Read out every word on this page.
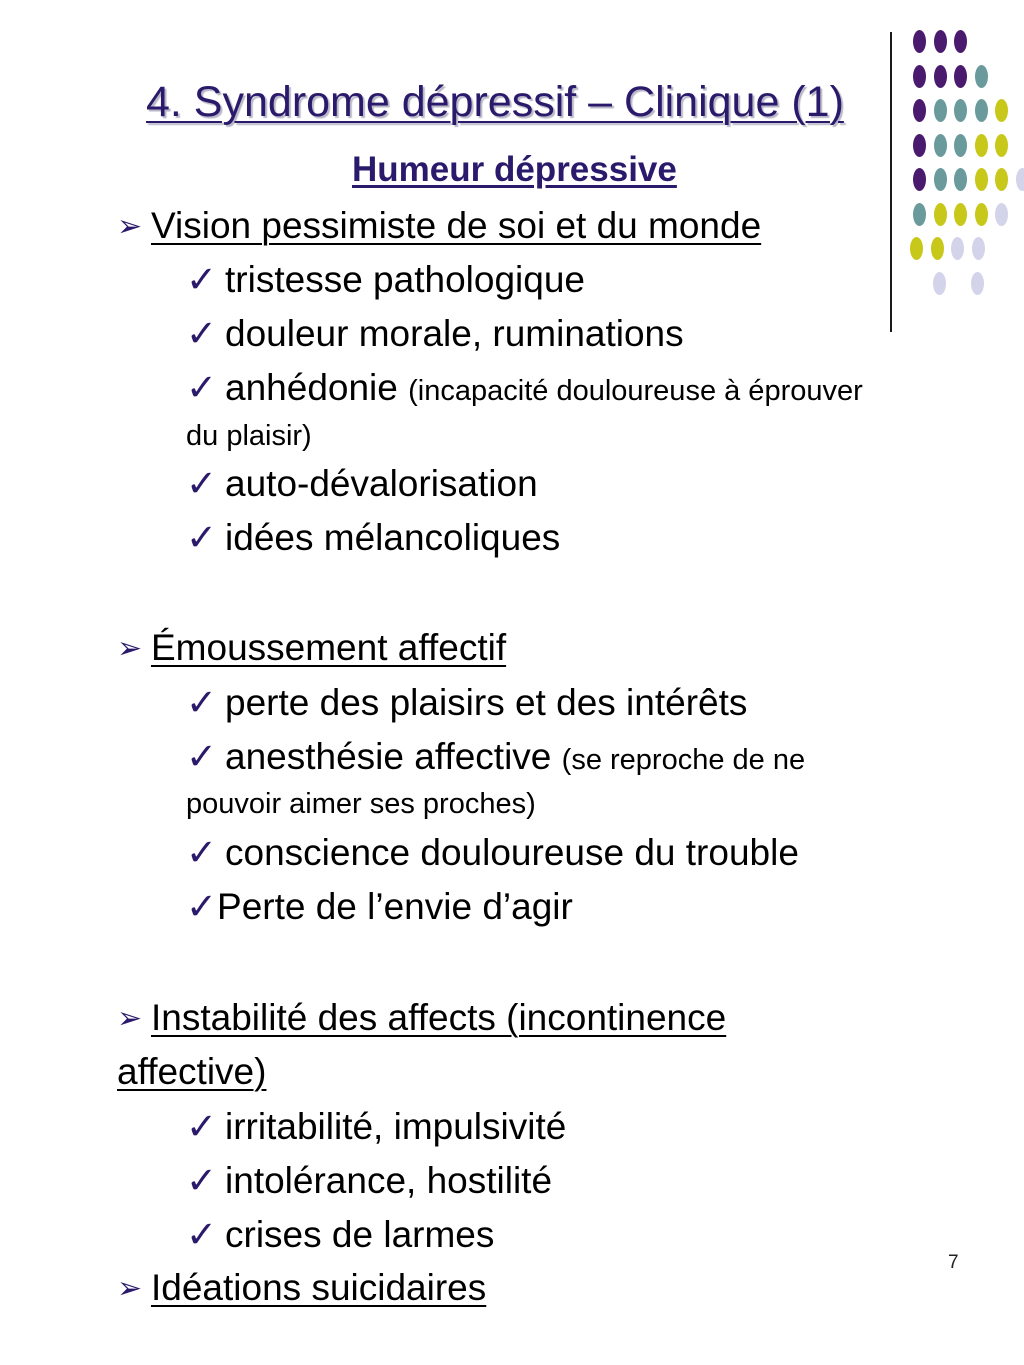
4. Syndrome dépressif – Clinique (1)
Humeur dépressive
➢ Vision pessimiste de soi et du monde
✓ tristesse pathologique
✓ douleur morale, ruminations
✓ anhédonie (incapacité douloureuse à éprouver
du plaisir)
✓ auto-dévalorisation
✓ idées mélancoliques
➢ Émoussement affectif
✓ perte des plaisirs et des intérêts
✓ anesthésie affective (se reproche de ne
pouvoir aimer ses proches)
✓ conscience douloureuse du trouble
✓Perte de l’envie d’agir
➢ Instabilité des affects (incontinence
affective)
✓ irritabilité, impulsivité
✓ intolérance, hostilité
✓ crises de larmes
➢ Idéations suicidaires
7
